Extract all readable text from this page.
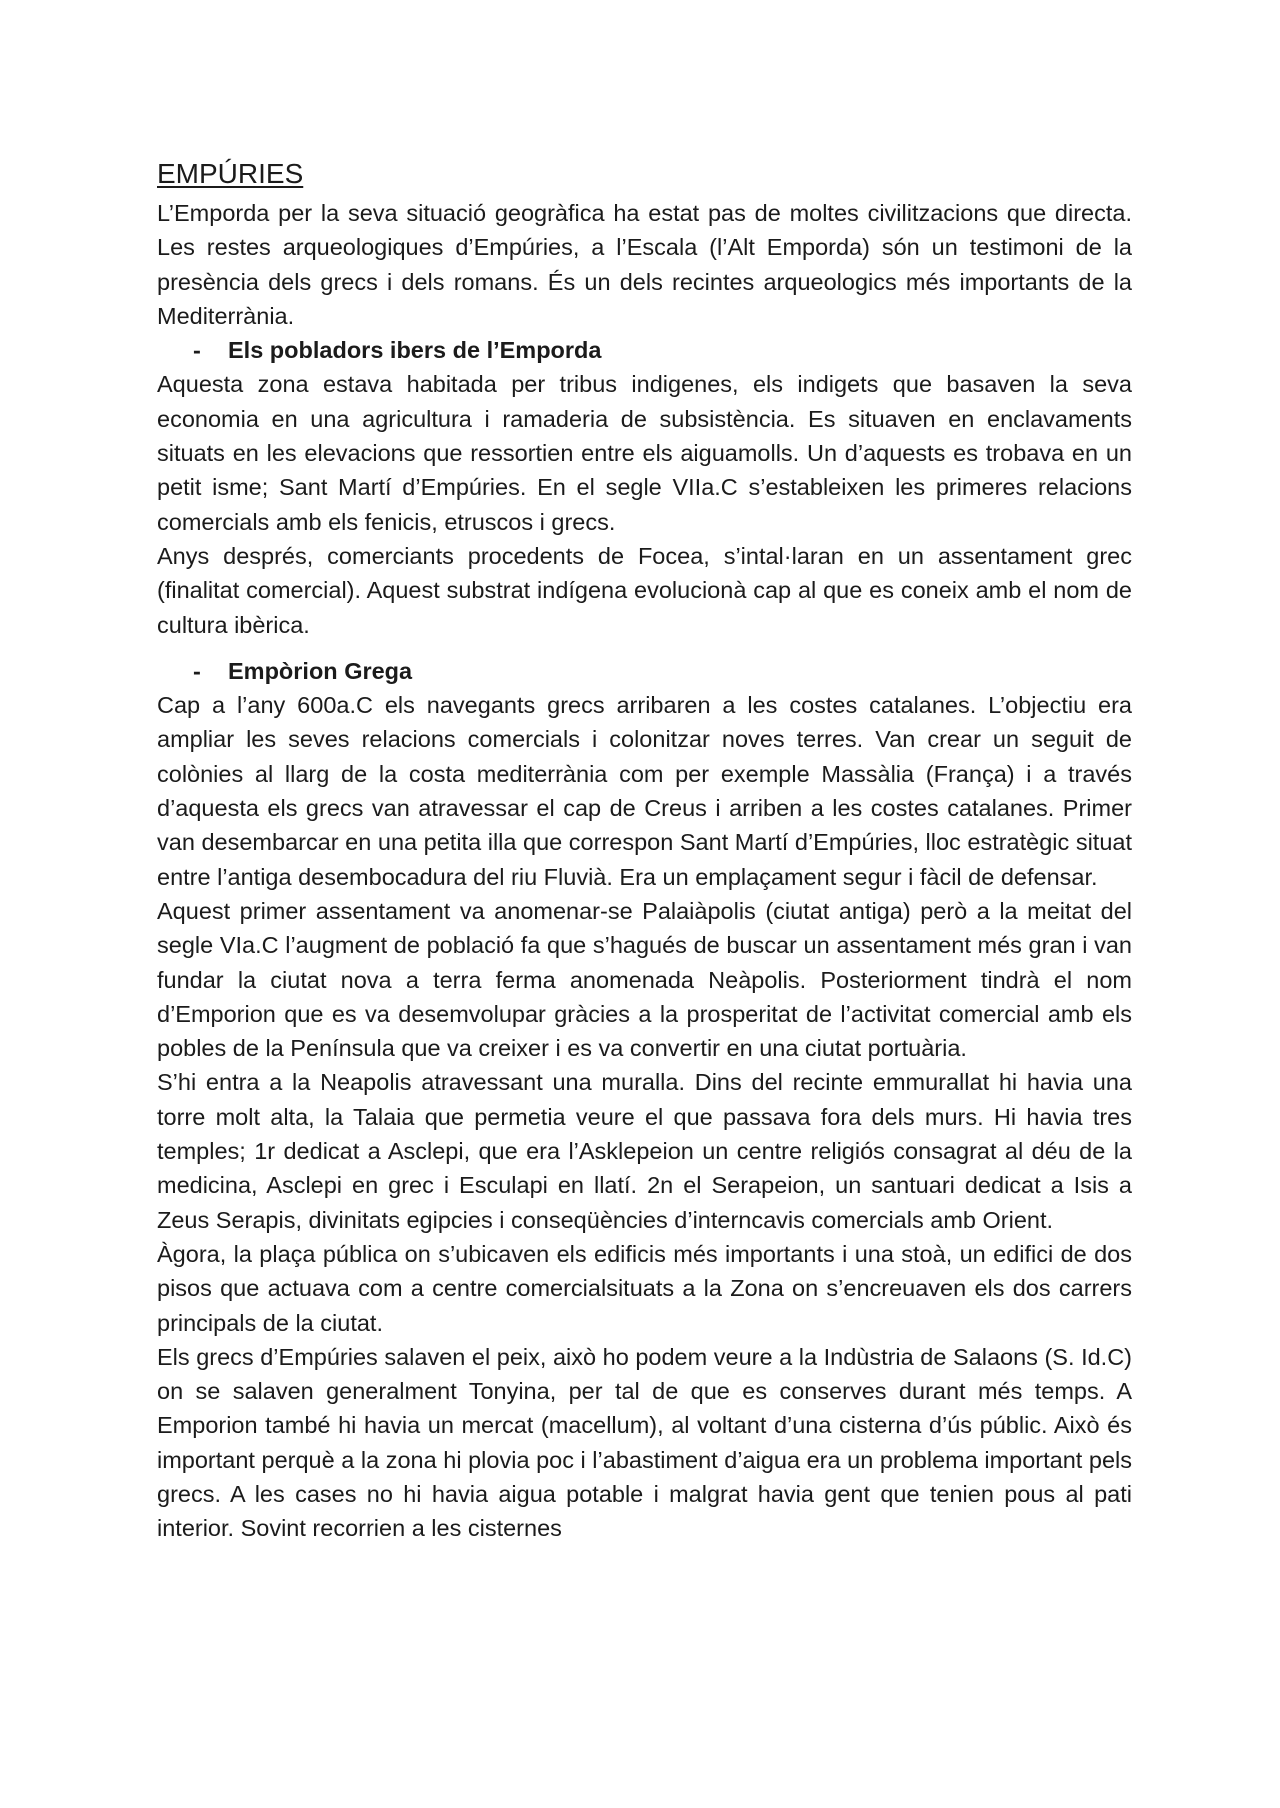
EMPÚRIES

L’Emporda per la seva situació geogràfica ha estat pas de moltes civilitzacions que directa. Les restes arqueologiques d’Empúries, a l’Escala (l’Alt Emporda) són un testimoni de la presència dels grecs i dels romans. És un dels recintes arqueologics més importants de la Mediterrània.

-	Els pobladors ibers de l’Emporda

Aquesta zona estava habitada per tribus indigenes, els indigets que basaven la seva economia en una agricultura i ramaderia de subsistència. Es situaven en enclavaments situats en les elevacions que ressortien entre els aiguamolls. Un d’aquests es trobava en un petit isme; Sant Martí d’Empúries. En el segle VIIa.C s’estableixen les primeres relacions comercials amb els fenicis, etruscos i grecs.

Anys després, comerciants procedents de Focea, s’intal·laran en un assentament grec (finalitat comercial). Aquest substrat indígena evolucionà cap al que es coneix amb el nom de cultura ibèrica.

-	Empòrion Grega

Cap a l’any 600a.C els navegants grecs arribaren a les costes catalanes. L’objectiu era ampliar les seves relacions comercials i colonitzar noves terres. Van crear un seguit de colònies al llarg de la costa mediterrània com per exemple Massàlia (França) i a través d’aquesta els grecs van atravessar el cap de Creus i arriben a les costes catalanes. Primer van desembarcar en una petita illa que correspon Sant Martí d’Empúries, lloc estratègic situat entre l’antiga desembocadura del riu Fluvià. Era un emplaçament segur i fàcil de defensar.

Aquest primer assentament va anomenar-se Palaiàpolis (ciutat antiga) però a la meitat del segle VIa.C l’augment de població fa que s’hagués de buscar un assentament més gran i van fundar la ciutat nova a terra ferma anomenada Neàpolis. Posteriorment tindrà el nom d’Emporion que es va desemvolupar gràcies a la prosperitat de l’activitat comercial amb els pobles de la Península que va creixer i es va convertir en una ciutat portuària.

S’hi entra a la Neapolis atravessant una muralla. Dins del recinte emmurallat hi havia una torre molt alta, la Talaia que permetia veure el que passava fora dels murs. Hi havia tres temples; 1r dedicat a Asclepi, que era l’Asklepeion un centre religiós consagrat al déu de la medicina, Asclepi en grec i Esculapi en llatí. 2n el Serapeion, un santuari dedicat a Isis a Zeus Serapis, divinitats egipcies i conseqüències d’interncavis comercials amb Orient.

Àgora, la plaça pública on s’ubicaven els edificis més importants i una stoà, un edifici de dos pisos que actuava com a centre comercialsituats a la Zona on s’encreuaven els dos carrers principals de la ciutat.

Els grecs d’Empúries salaven el peix, això ho podem veure a la Indùstria de Salaons (S. Id.C) on se salaven generalment Tonyina, per tal de que es conserves durant més temps. A Emporion també hi havia un mercat (macellum), al voltant d’una cisterna d’ús públic. Això és important perquè a la zona hi plovia poc i l’abastiment d’aigua era un problema important pels grecs. A les cases no hi havia aigua potable i malgrat havia gent que tenien pous al pati interior. Sovint recorrien a les cisternes
